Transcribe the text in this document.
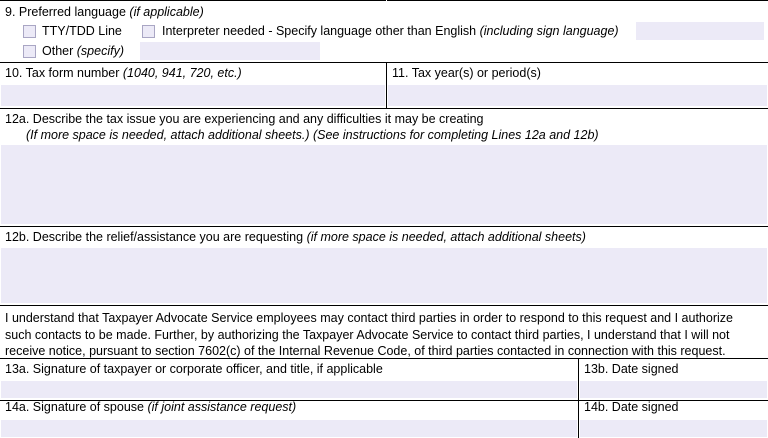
9. Preferred language (if applicable)
TTY/TDD Line	Interpreter needed - Specify language other than English (including sign language)
Other (specify)
10. Tax form number (1040, 941, 720, etc.)	11. Tax year(s) or period(s)
12a. Describe the tax issue you are experiencing and any difficulties it may be creating
(If more space is needed, attach additional sheets.) (See instructions for completing Lines 12a and 12b)
12b. Describe the relief/assistance you are requesting (if more space is needed, attach additional sheets)
I understand that Taxpayer Advocate Service employees may contact third parties in order to respond to this request and I authorize such contacts to be made. Further, by authorizing the Taxpayer Advocate Service to contact third parties, I understand that I will not receive notice, pursuant to section 7602(c) of the Internal Revenue Code, of third parties contacted in connection with this request.
13a. Signature of taxpayer or corporate officer, and title, if applicable	13b. Date signed
14a. Signature of spouse (if joint assistance request)	14b. Date signed
